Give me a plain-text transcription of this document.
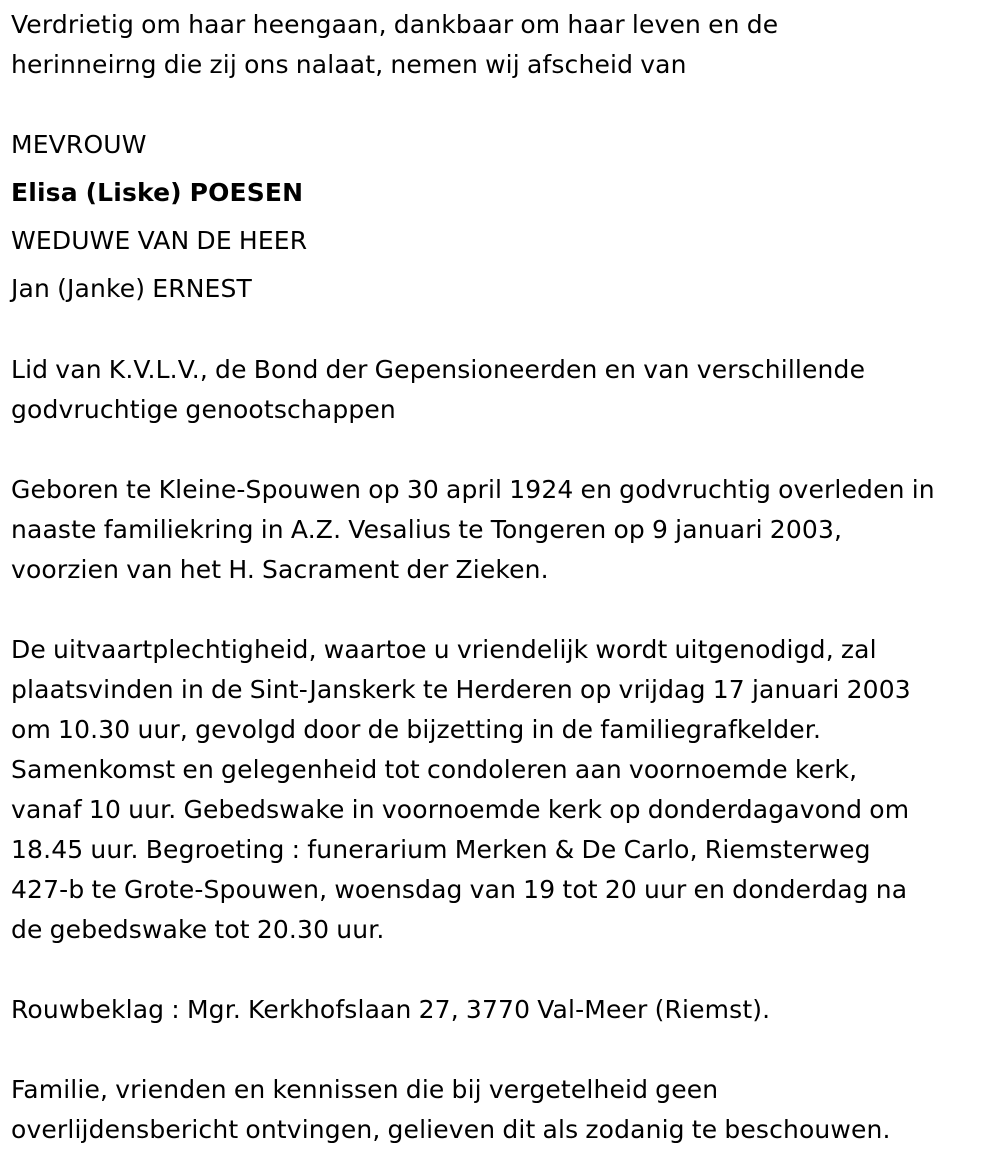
Verdrietig om haar heengaan, dankbaar om haar leven en de
herinneirng die zij ons nalaat, nemen wij afscheid van
MEVROUW
Elisa (Liske) POESEN
WEDUWE VAN DE HEER
Jan (Janke) ERNEST
Lid van K.V.L.V., de Bond der Gepensioneerden en van verschillende
godvruchtige genootschappen
Geboren te Kleine-Spouwen op 30 april 1924 en godvruchtig overleden in
naaste familiekring in A.Z. Vesalius te Tongeren op 9 januari 2003,
voorzien van het H. Sacrament der Zieken.
De uitvaartplechtigheid, waartoe u vriendelijk wordt uitgenodigd, zal
plaatsvinden in de Sint-Janskerk te Herderen op vrijdag 17 januari 2003
om 10.30 uur, gevolgd door de bijzetting in de familiegrafkelder.
Samenkomst en gelegenheid tot condoleren aan voornoemde kerk,
vanaf 10 uur. Gebedswake in voornoemde kerk op donderdagavond om
18.45 uur. Begroeting : funerarium Merken & De Carlo, Riemsterweg
427-b te Grote-Spouwen, woensdag van 19 tot 20 uur en donderdag na
de gebedswake tot 20.30 uur.
Rouwbeklag : Mgr. Kerkhofslaan 27, 3770 Val-Meer (Riemst).
Familie, vrienden en kennissen die bij vergetelheid geen
overlijdensbericht ontvingen, gelieven dit als zodanig te beschouwen.
